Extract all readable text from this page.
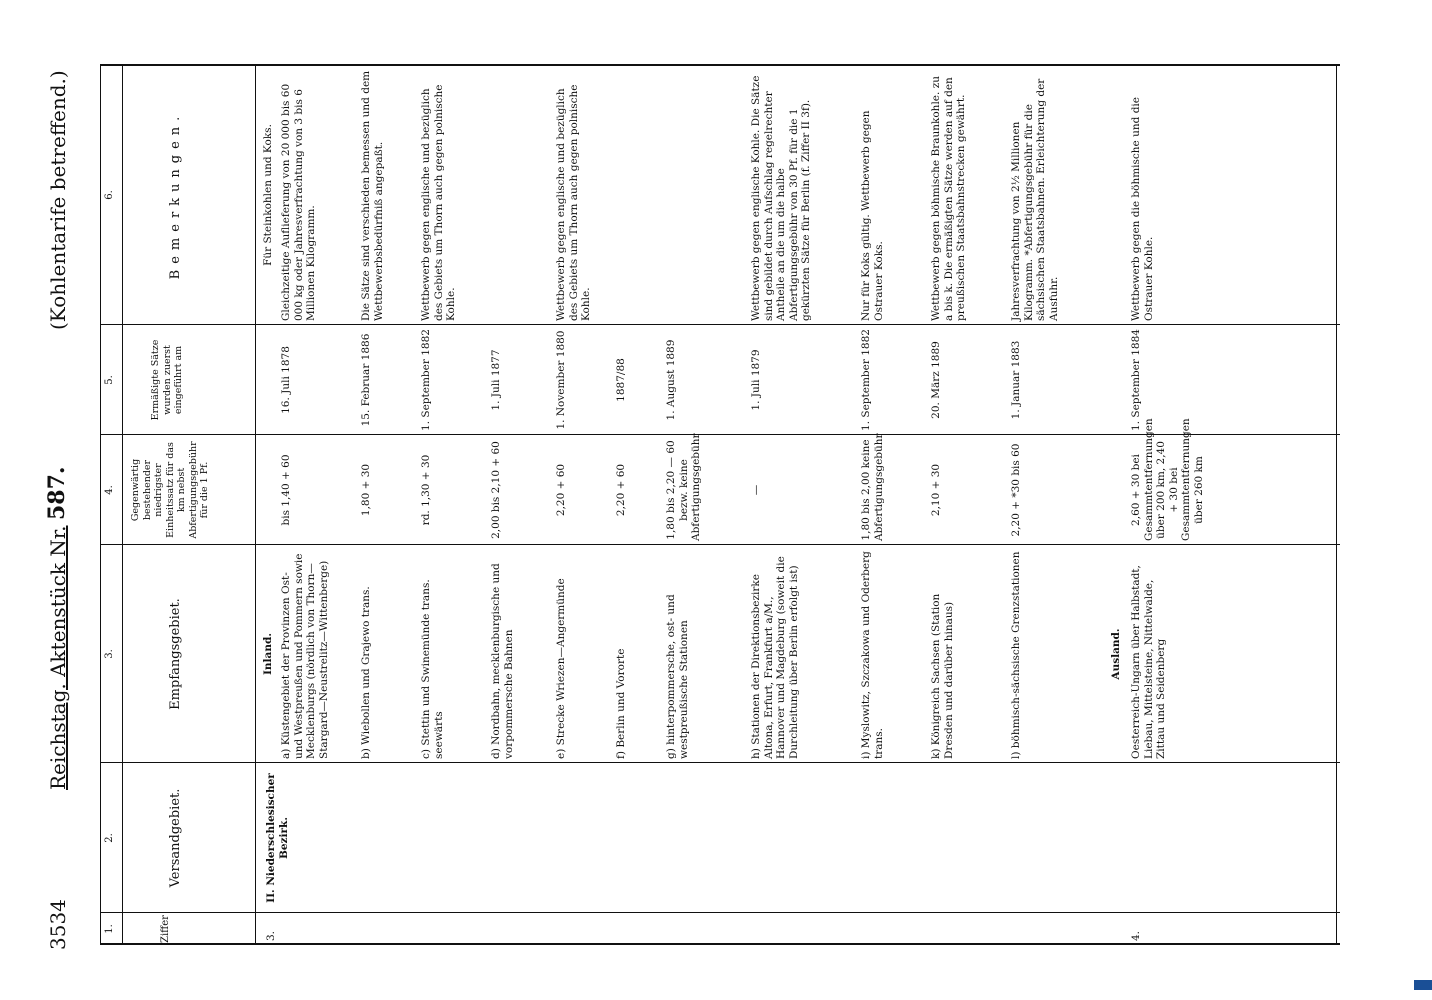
3534
Reichstag. Aktenstück Nr.
587.
(Kohlentarife betreffend.)
1.
2.
3.
4.
5.
6.
Ziffer
Versandgebiet.
Empfangsgebiet.
Gegenwärtig bestehender niedrigster Einheitssatz für das km nebst Abfertigungsgebühr für die 1 Pf.
Ermäßigte Sätze wurden zuerst eingeführt am
Bemerkungen.
3.
II. Niederschlesischer Bezirk.
Inland.
Für Steinkohlen und Koks.
a) Küstengebiet der Provinzen Ost- und Westpreußen und Pommern sowie Mecklenburgs (nördlich von Thorn—Stargard—Neustrelitz—Wittenberge)
bis 1,40 + 60
16. Juli 1878
Gleichzeitige Auflieferung von 20 000 bis 60 000 kg oder Jahresverfrachtung von 3 bis 6 Millionen Kilogramm.
b) Wiebollen und Grajewo trans.
1,80 + 30
15. Februar 1886
Die Sätze sind verschieden bemessen und dem Wettbewerbsbedürfniß angepaßt.
c) Stettin und Swinemünde trans. seewärts
rd. 1,30 + 30
1. September 1882
Wettbewerb gegen englische und bezüglich des Gebiets um Thorn auch gegen polnische Kohle.
d) Nordbahn, mecklenburgische und vorpommersche Bahnen
2,00 bis 2,10 + 60
1. Juli 1877
e) Strecke Wriezen—Angermünde
2,20 + 60
1. November 1880
Wettbewerb gegen englische und bezüglich des Gebiets um Thorn auch gegen polnische Kohle.
f) Berlin und Vororte
2,20 + 60
1887/88
g) hinterpommersche, ost- und westpreußische Stationen
1,80 bis 2,20 — 60 bezw. keine Abfertigungsgebühr
1. August 1889
h) Stationen der Direktionsbezirke Altona, Erfurt, Frankfurt a/M., Hannover und Magdeburg (soweit die Durchleitung über Berlin erfolgt ist)
—
1. Juli 1879
Wettbewerb gegen englische Kohle. Die Sätze sind gebildet durch Aufschlag regelrechter Antheile an die um die halbe Abfertigungsgebühr von 30 Pf. für die 1 gekürzten Sätze für Berlin (f. Ziffer II 3f).
i) Myslowitz, Szczakowa und Oderberg trans.
1,80 bis 2,00 keine Abfertigungsgebühr
1. September 1882
Nur für Koks gültig. Wettbewerb gegen Ostrauer Koks.
k) Königreich Sachsen (Station Dresden und darüber hinaus)
2,10 + 30
20. März 1889
Wettbewerb gegen böhmische Braunkohle. zu a bis k. Die ermäßigten Sätze werden auf den preußischen Staatsbahnstrecken gewährt.
l) böhmisch-sächsische Grenzstationen
2,20 + *30 bis 60
1. Januar 1883
Jahresverfrachtung von 2½ Millionen Kilogramm. *Abfertigungsgebühr für die sächsischen Staatsbahnen. Erleichterung der Ausfuhr.
Ausland.
4.
Oesterreich-Ungarn über Halbstadt, Liebau, Mittelsteine, Nittelwalde, Zittau und Seidenberg
2,60 + 30 bei Gesammtentfernungen über 200 km, 2,40 + 30 bei Gesammtentfernungen über 260 km
1. September 1884
Wettbewerb gegen die böhmische und die Ostrauer Kohle.
